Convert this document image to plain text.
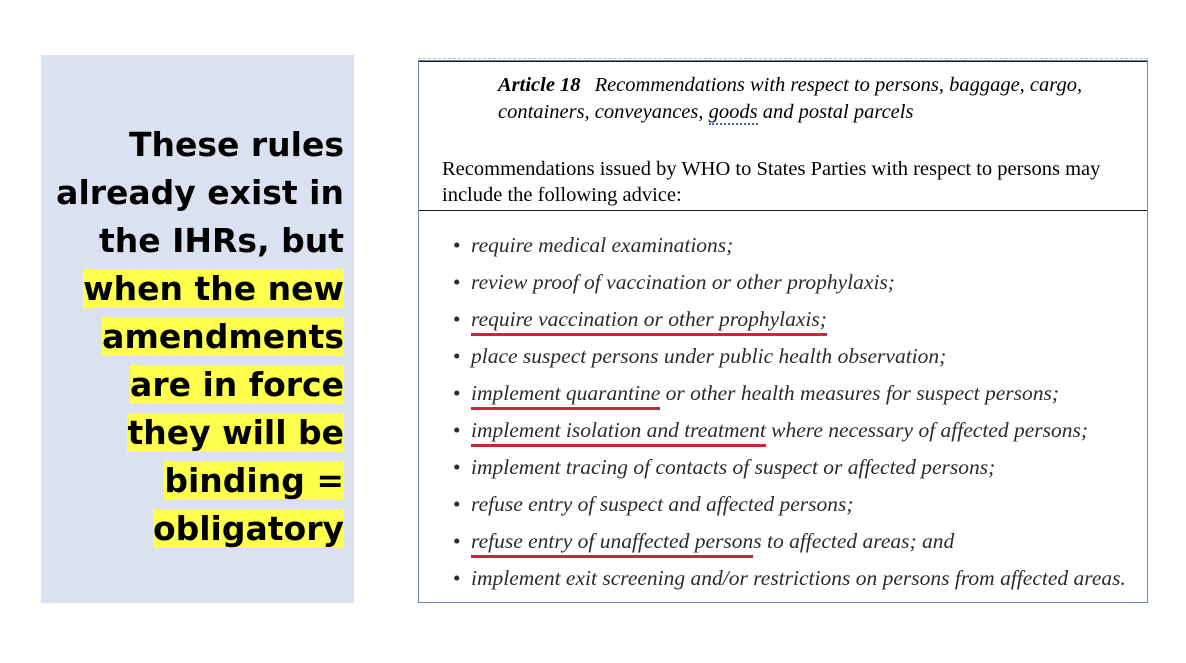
These rules
already exist in
the IHRs, but
when the new
amendments
are in force
they will be
binding =
obligatory
Article 18 Recommendations with respect to persons, baggage, cargo,
containers, conveyances, goods and postal parcels
Recommendations issued by WHO to States Parties with respect to persons may
include the following advice:
• require medical examinations;
• review proof of vaccination or other prophylaxis;
• require vaccination or other prophylaxis;
• place suspect persons under public health observation;
• implement quarantine or other health measures for suspect persons;
• implement isolation and treatment where necessary of affected persons;
• implement tracing of contacts of suspect or affected persons;
• refuse entry of suspect and affected persons;
• refuse entry of unaffected persons to affected areas; and
• implement exit screening and/or restrictions on persons from affected areas.
